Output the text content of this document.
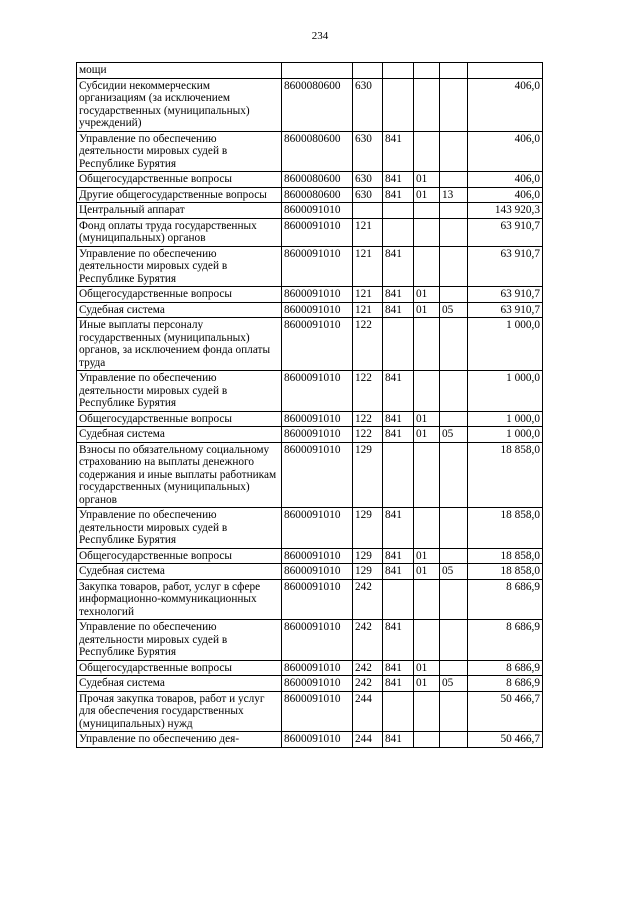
234
мощи						
Субсидии некоммерческим организациям (за исключением государственных (муниципальных) учреждений)	8600080600	630				406,0
Управление по обеспечению деятельности мировых судей в Республике Бурятия	8600080600	630	841			406,0
Общегосударственные вопросы	8600080600	630	841	01		406,0
Другие общегосударственные вопросы	8600080600	630	841	01	13	406,0
Центральный аппарат	8600091010					143 920,3
Фонд оплаты труда государственных (муниципальных) органов	8600091010	121				63 910,7
Управление по обеспечению деятельности мировых судей в Республике Бурятия	8600091010	121	841			63 910,7
Общегосударственные вопросы	8600091010	121	841	01		63 910,7
Судебная система	8600091010	121	841	01	05	63 910,7
Иные выплаты персоналу государственных (муниципальных) органов, за исключением фонда оплаты труда	8600091010	122				1 000,0
Управление по обеспечению деятельности мировых судей в Республике Бурятия	8600091010	122	841			1 000,0
Общегосударственные вопросы	8600091010	122	841	01		1 000,0
Судебная система	8600091010	122	841	01	05	1 000,0
Взносы по обязательному социальному страхованию на выплаты денежного содержания и иные выплаты работникам государственных (муниципальных) органов	8600091010	129				18 858,0
Управление по обеспечению деятельности мировых судей в Республике Бурятия	8600091010	129	841			18 858,0
Общегосударственные вопросы	8600091010	129	841	01		18 858,0
Судебная система	8600091010	129	841	01	05	18 858,0
Закупка товаров, работ, услуг в сфере информационно-коммуникационных технологий	8600091010	242				8 686,9
Управление по обеспечению деятельности мировых судей в Республике Бурятия	8600091010	242	841			8 686,9
Общегосударственные вопросы	8600091010	242	841	01		8 686,9
Судебная система	8600091010	242	841	01	05	8 686,9
Прочая закупка товаров, работ и услуг для обеспечения государственных (муниципальных) нужд	8600091010	244				50 466,7
Управление по обеспечению дея-	8600091010	244	841			50 466,7
